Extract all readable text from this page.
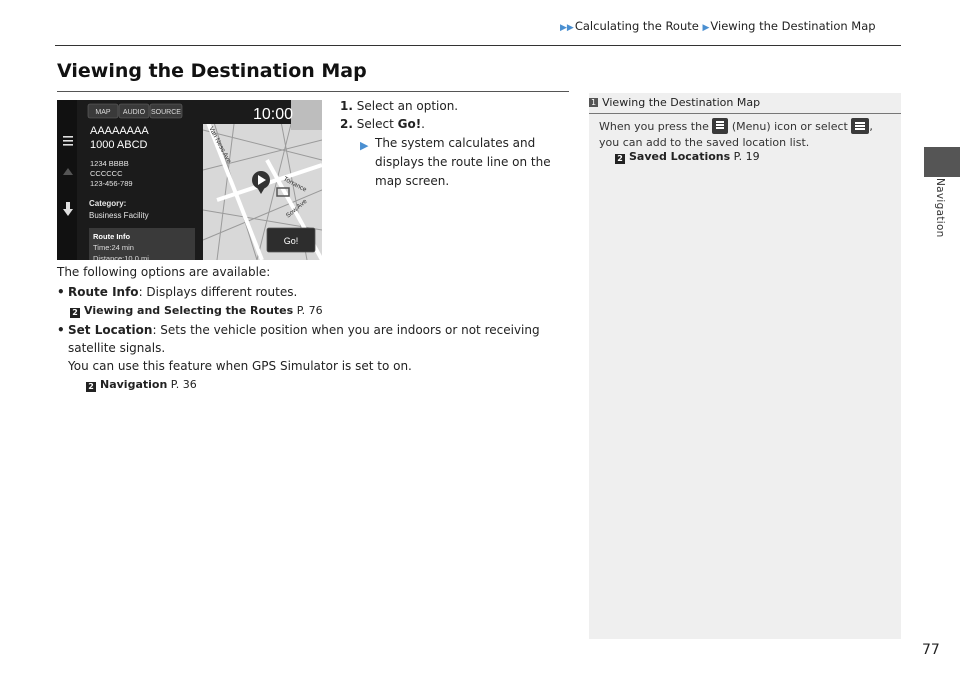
▶▶Calculating the Route ▶Viewing the Destination Map
Viewing the Destination Map
Navigation
MAP AUDIO SOURCE	10:00
AAAAAAAA
1000 ABCD
1234 BBBB
CCCCCC
123-456-789
Category:
Business Facility
Route Info
Time:24 min
Distance:10.0 mi
Van Ness Ave
Torrance
Sow Ave
Go!
1. Select an option.
2. Select Go!.
▶ The system calculates and displays the route line on the map screen.
The following options are available:
• Route Info: Displays different routes.
2 Viewing and Selecting the Routes P. 76
• Set Location: Sets the vehicle position when you are indoors or not receiving satellite signals.
You can use this feature when GPS Simulator is set to on.
2 Navigation P. 36
1 Viewing the Destination Map
When you press the (Menu) icon or select ,
you can add to the saved location list.
2 Saved Locations P. 19
77
